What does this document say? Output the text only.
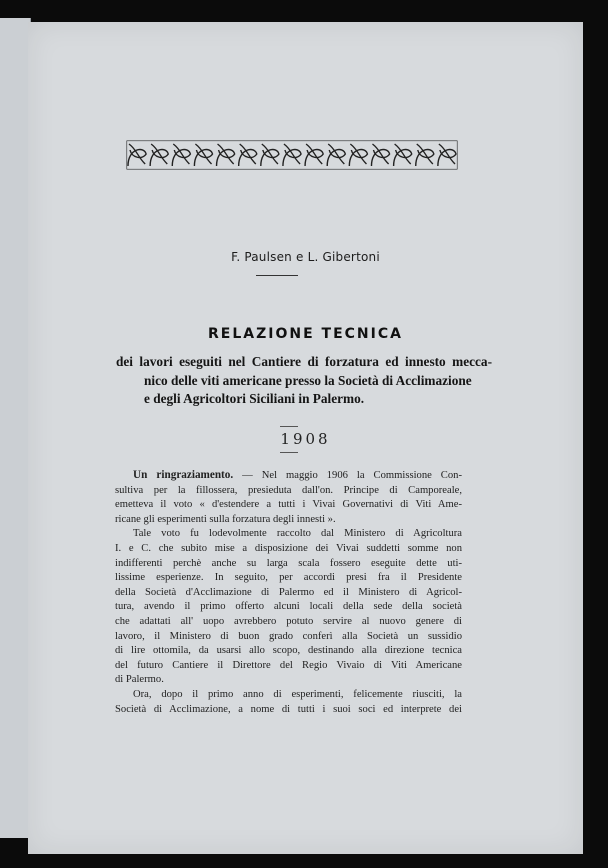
F. Paulsen e L. Gibertoni
RELAZIONE TECNICA
dei lavori eseguiti nel Cantiere di forzatura ed innesto mecca-
nico delle viti americane presso la Società di Acclimazione
e degli Agricoltori Siciliani in Palermo.
1908
Un ringraziamento. — Nel maggio 1906 la Commissione Con-
sultiva per la fillossera, presieduta dall'on. Principe di Camporeale,
emetteva il voto « d'estendere a tutti i Vivai Governativi di Viti Ame-
ricane gli esperimenti sulla forzatura degli innesti ».
Tale voto fu lodevolmente raccolto dal Ministero di Agricoltura
I. e C. che subito mise a disposizione dei Vivai suddetti somme non
indifferenti perchè anche su larga scala fossero eseguite dette uti-
lissime esperienze. In seguito, per accordi presi fra il Presidente
della Società d'Acclimazione di Palermo ed il Ministero di Agricol-
tura, avendo il primo offerto alcuni locali della sede della società
che adattati all' uopo avrebbero potuto servire al nuovo genere di
lavoro, il Ministero di buon grado conferì alla Società un sussidio
di lire ottomila, da usarsi allo scopo, destinando alla direzione tecnica
del futuro Cantiere il Direttore del Regio Vivaio di Viti Americane
di Palermo.
Ora, dopo il primo anno di esperimenti, felicemente riusciti, la
Società di Acclimazione, a nome di tutti i suoi soci ed interprete dei
